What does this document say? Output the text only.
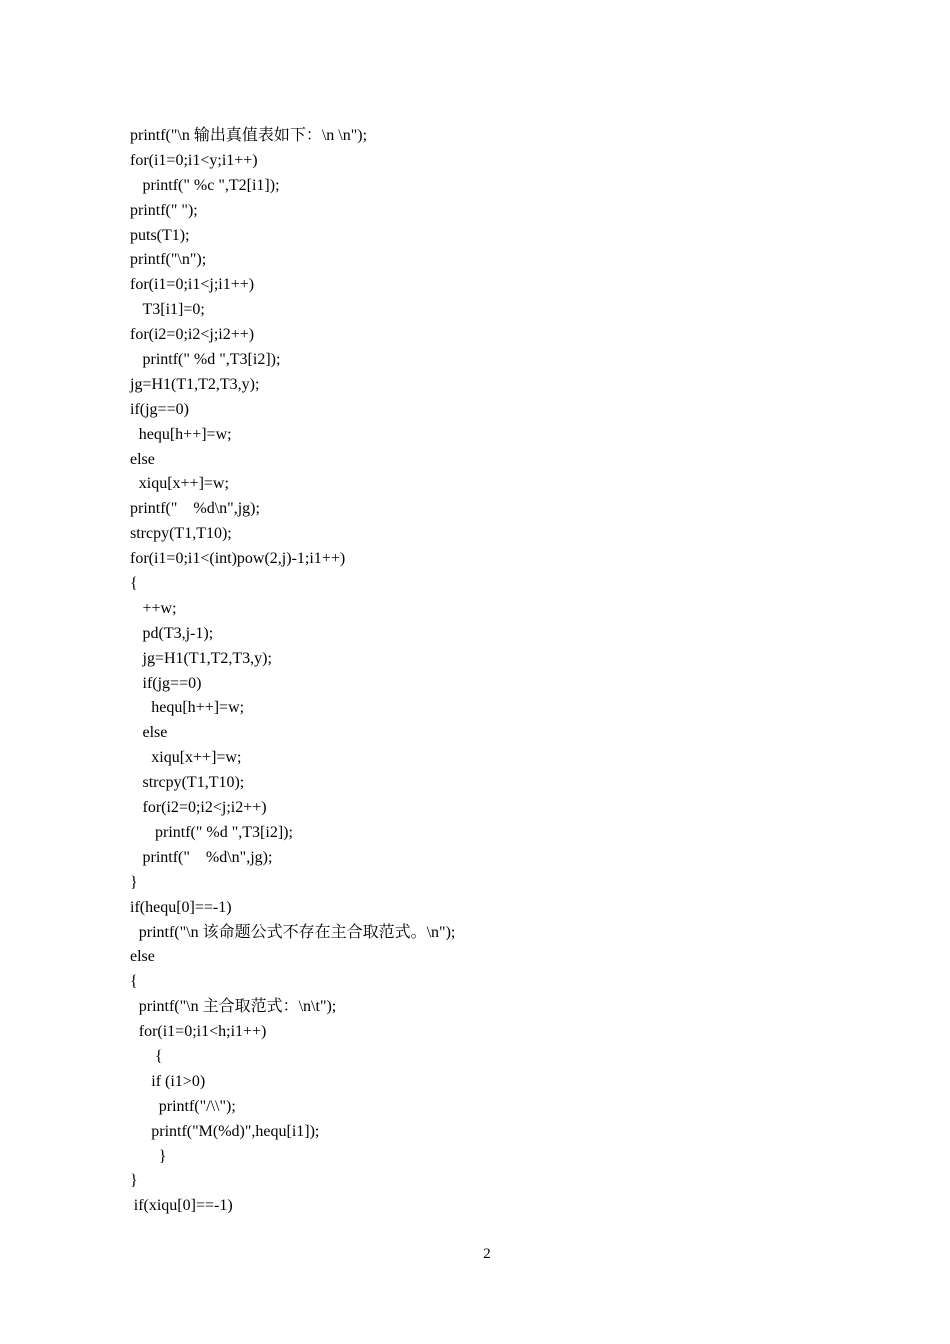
printf("\n 输出真值表如下：\n \n");
for(i1=0;i1<y;i1++)
printf(" %c ",T2[i1]);
printf(" ");
puts(T1);
printf("\n");
for(i1=0;i1<j;i1++)
T3[i1]=0;
for(i2=0;i2<j;i2++)
printf(" %d ",T3[i2]);
jg=H1(T1,T2,T3,y);
if(jg==0)
hequ[h++]=w;
else
xiqu[x++]=w;
printf("    %d\n",jg);
strcpy(T1,T10);
for(i1=0;i1<(int)pow(2,j)-1;i1++)
{
++w;
pd(T3,j-1);
jg=H1(T1,T2,T3,y);
if(jg==0)
hequ[h++]=w;
else
xiqu[x++]=w;
strcpy(T1,T10);
for(i2=0;i2<j;i2++)
printf(" %d ",T3[i2]);
printf("    %d\n",jg);
}
if(hequ[0]==-1)
printf("\n 该命题公式不存在主合取范式。\n");
else
{
printf("\n 主合取范式：\n\t");
for(i1=0;i1<h;i1++)
{
if (i1>0)
printf("/\\");
printf("M(%d)",hequ[i1]);
}
}
if(xiqu[0]==-1)
2
